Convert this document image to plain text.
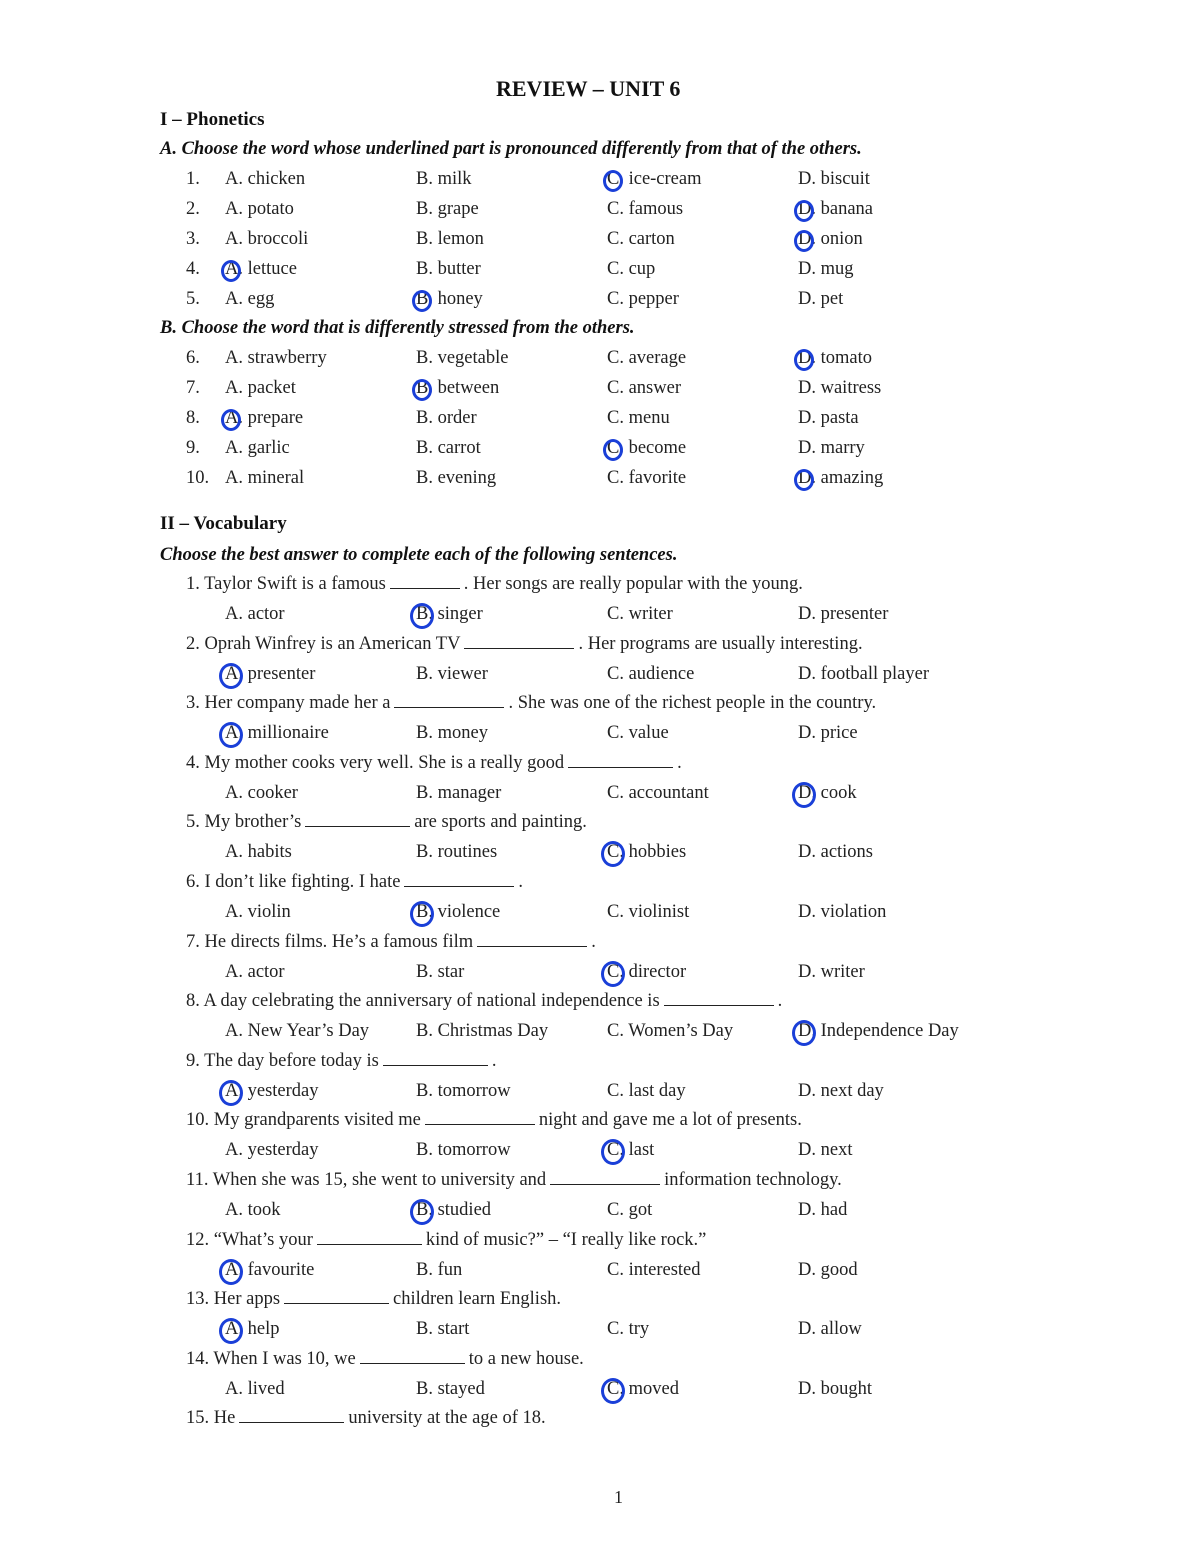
REVIEW – UNIT 6
I – Phonetics
A. Choose the word whose underlined part is pronounced differently from that of the others.
1. A. chicken	B. milk	C. ice-cream	D. biscuit
2. A. potato	B. grape	C. famous	D. banana
3. A. broccoli	B. lemon	C. carton	D. onion
4. A. lettuce	B. butter	C. cup	D. mug
5. A. egg	B. honey	C. pepper	D. pet
B. Choose the word that is differently stressed from the others.
6. A. strawberry	B. vegetable	C. average	D. tomato
7. A. packet	B. between	C. answer	D. waitress
8. A. prepare	B. order	C. menu	D. pasta
9. A. garlic	B. carrot	C. become	D. marry
10. A. mineral	B. evening	C. favorite	D. amazing
II – Vocabulary
Choose the best answer to complete each of the following sentences.
1. Taylor Swift is a famous	. Her songs are really popular with the young.
A. actor	B. singer	C. writer	D. presenter
2. Oprah Winfrey is an American TV	. Her programs are usually interesting.
A. presenter	B. viewer	C. audience	D. football player
3. Her company made her a	. She was one of the richest people in the country.
A. millionaire	B. money	C. value	D. price
4. My mother cooks very well. She is a really good	.
A. cooker	B. manager	C. accountant	D. cook
5. My brother’s	are sports and painting.
A. habits	B. routines	C. hobbies	D. actions
6. I don’t like fighting. I hate	.
A. violin	B. violence	C. violinist	D. violation
7. He directs films. He’s a famous film	.
A. actor	B. star	C. director	D. writer
8. A day celebrating the anniversary of national independence is	.
A. New Year’s Day	B. Christmas Day	C. Women’s Day	D. Independence Day
9. The day before today is	.
A. yesterday	B. tomorrow	C. last day	D. next day
10. My grandparents visited me	night and gave me a lot of presents.
A. yesterday	B. tomorrow	C. last	D. next
11. When she was 15, she went to university and	information technology.
A. took	B. studied	C. got	D. had
12. “What’s your	kind of music?” – “I really like rock.”
A. favourite	B. fun	C. interested	D. good
13. Her apps	children learn English.
A. help	B. start	C. try	D. allow
14. When I was 10, we	to a new house.
A. lived	B. stayed	C. moved	D. bought
15. He	university at the age of 18.
1
